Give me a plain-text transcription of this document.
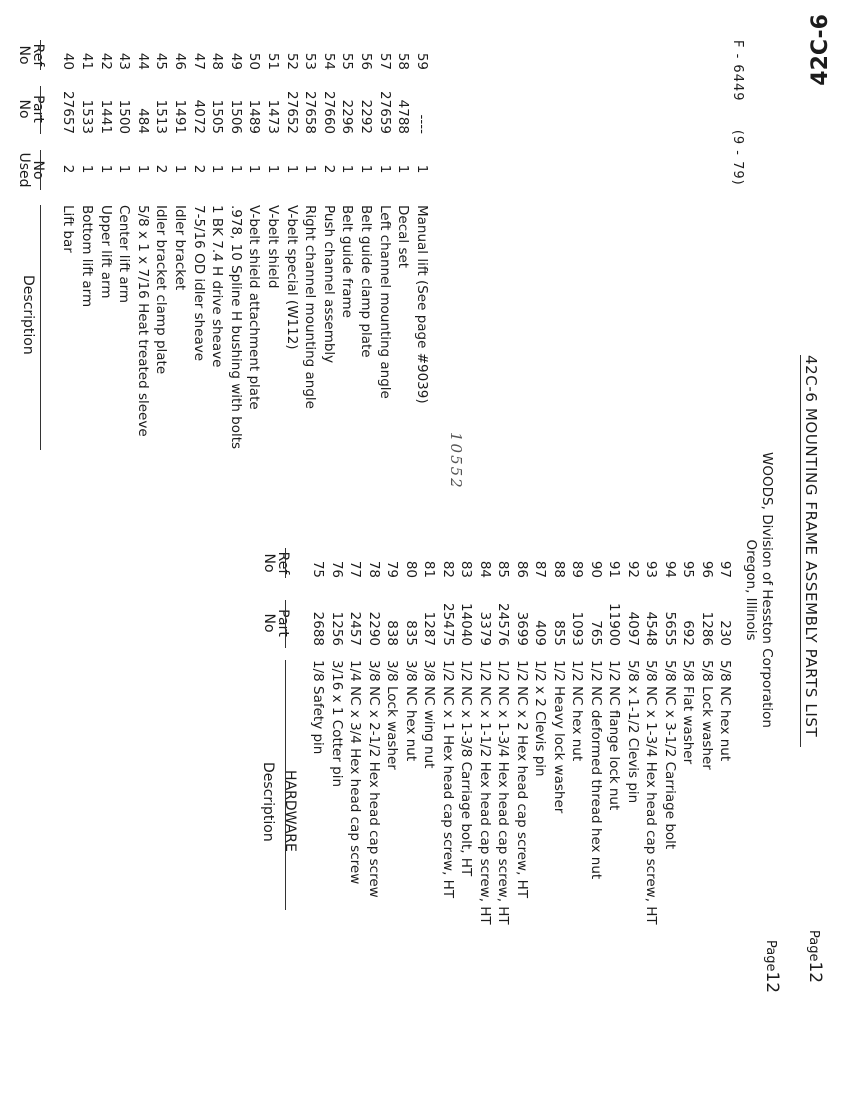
42C-6
42C-6 MOUNTING FRAME ASSEMBLY PARTS LIST
Page12
Ref
No
Part
No
No
Used
Description
40
27657
2
Lift bar
41
1533
1
Bottom lift arm
42
1441
1
Upper lift arm
43
1500
1
Center lift arm
44
484
1
5/8 x 1 x 7/16 Heat treated sleeve
45
1513
2
Idler bracket clamp plate
46
1491
1
Idler bracket
47
4072
2
7-5/16 OD idler sheave
48
1505
1
1 BK 7.4 H drive sheave
49
1506
1
.978, 10 Spline H bushing with bolts
50
1489
1
V-belt shield attachment plate
51
1473
1
V-belt shield
52
27652
1
V-belt special (W112)
53
27658
1
Right channel mounting angle
54
27660
2
Push channel assembly
55
2296
1
Belt guide frame
56
2292
1
Belt guide clamp plate
57
27659
1
Left channel mounting angle
58
4788
1
Decal set
59
----
1
Manual lift (See page #9039)
Ref
No
Part
No
Description HARDWARE
75
2688
1/8 Safety pin
76
1256
3/16 x 1 Cotter pin
77
2457
1/4 NC x 3/4 Hex head cap screw
78
2290
3/8 NC x 2-1/2 Hex head cap screw
79
838
3/8 Lock washer
80
835
3/8 NC hex nut
81
1287
3/8 NC wing nut
82
25475
1/2 NC x 1 Hex head cap screw, HT
83
14040
1/2 NC x 1-3/8 Carriage bolt, HT
84
3379
1/2 NC x 1-1/2 Hex head cap screw, HT
85
24576
1/2 NC x 1-3/4 Hex head cap screw, HT
86
3699
1/2 NC x 2 Hex head cap screw, HT
87
409
1/2 x 2 Clevis pin
88
855
1/2 Heavy lock washer
89
1093
1/2 NC hex nut
90
765
1/2 NC deformed thread hex nut
91
11900
1/2 NC flange lock nut
92
4097
5/8 x 1-1/2 Clevis pin
93
4548
5/8 NC x 1-3/4 Hex head cap screw, HT
94
5655
5/8 NC x 3-1/2 Carriage bolt
95
692
5/8 Flat washer
96
1286
5/8 Lock washer
97
230
5/8 NC hex nut
10552
F - 6449  (9 - 79)
WOODS, Division of Hesston Corporation
Oregon, Illinois
Page12
